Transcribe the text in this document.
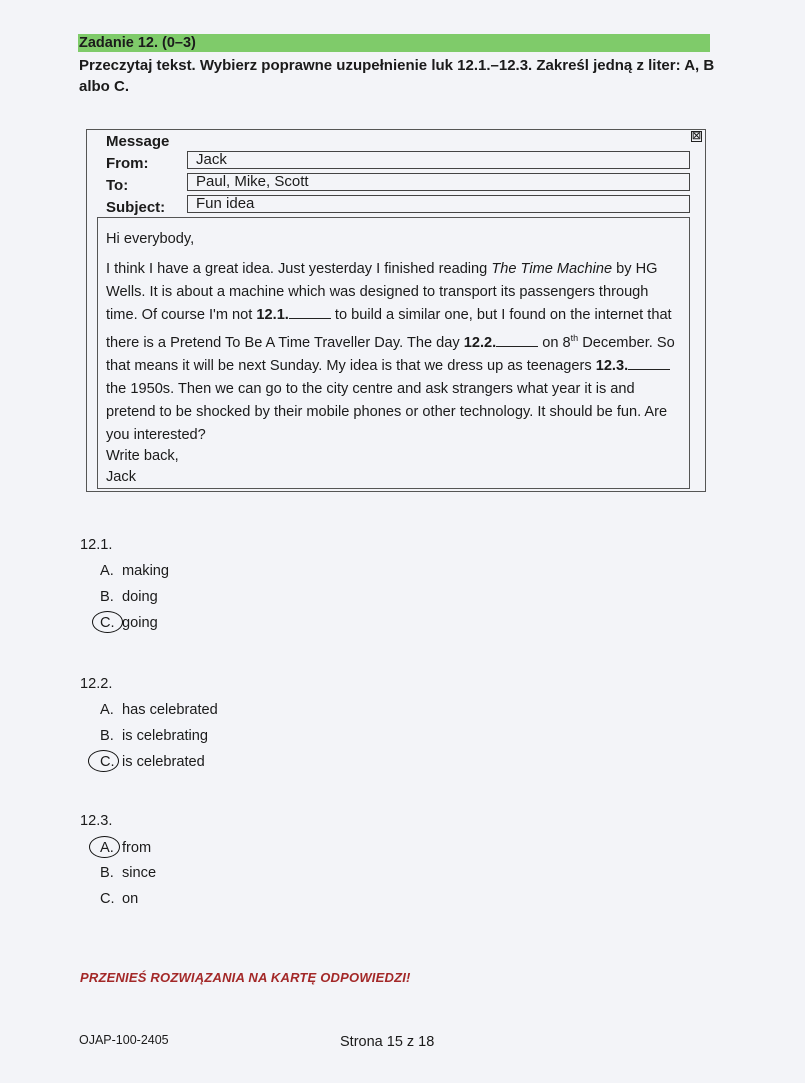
Zadanie 12. (0–3)
Przeczytaj tekst. Wybierz poprawne uzupełnienie luk 12.1.–12.3. Zakreśl jedną z liter: A, B albo C.
Message	☒
From:	Jack
To:	Paul, Mike, Scott
Subject:	Fun idea

Hi everybody,

I think I have a great idea. Just yesterday I finished reading The Time Machine by HG Wells. It is about a machine which was designed to transport its passengers through time. Of course I'm not 12.1.	to build a similar one, but I found on the internet that there is a Pretend To Be A Time Traveller Day. The day 12.2.	on 8th December. So that means it will be next Sunday. My idea is that we dress up as teenagers 12.3. the 1950s. Then we can go to the city centre and ask strangers what year it is and pretend to be shocked by their mobile phones or other technology. It should be fun. Are you interested?

Write back,
Jack
12.1.
A. making
B. doing
C. going
12.2.
A. has celebrated
B. is celebrating
C. is celebrated
12.3.
A. from
B. since
C. on
PRZENIEŚ ROZWIĄZANIA NA KARTĘ ODPOWIEDZI!
OJAP-100-2405	Strona 15 z 18
